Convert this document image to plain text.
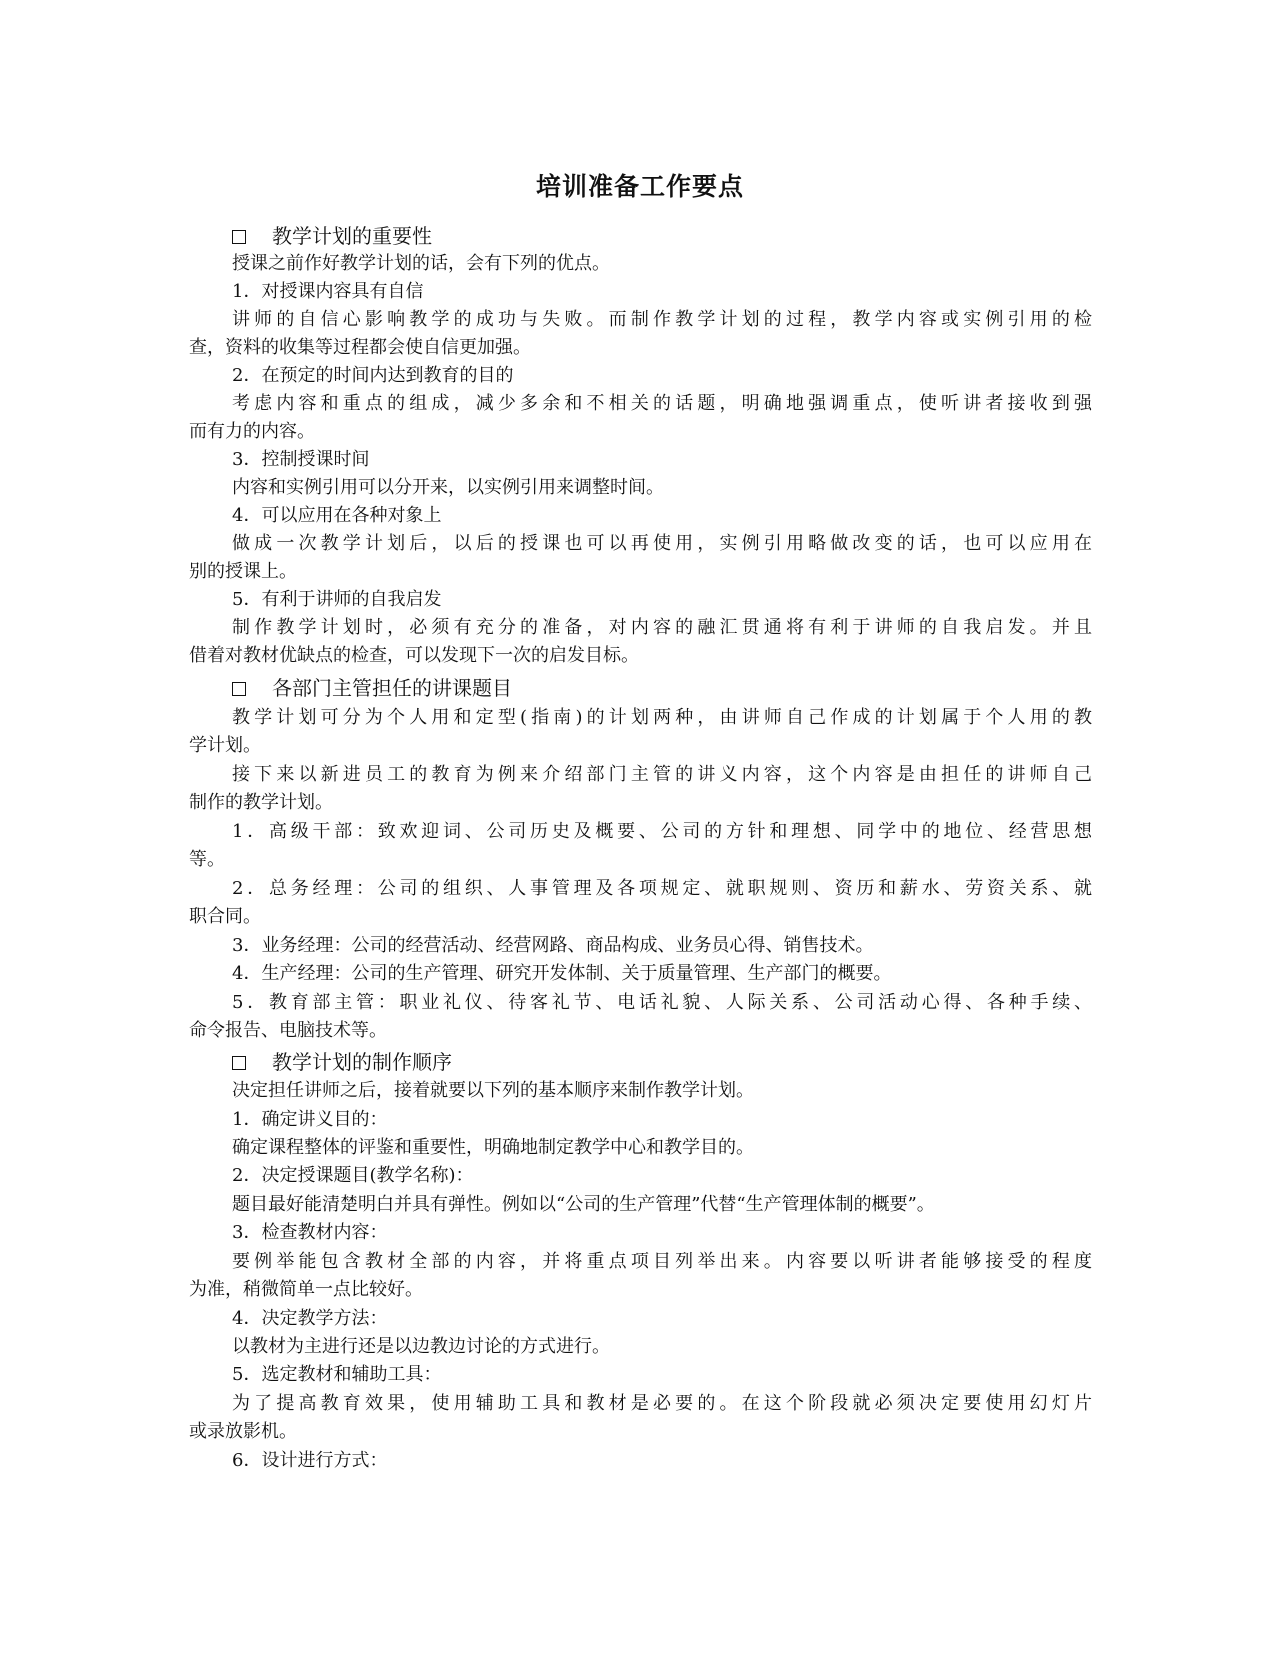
培训准备工作要点
教学计划的重要性

授课之前作好教学计划的话，会有下列的优点。

1．对授课内容具有自信

讲师的自信心影响教学的成功与失败。而制作教学计划的过程，教学内容或实例引用的检

查，资料的收集等过程都会使自信更加强。

2．在预定的时间内达到教育的目的

考虑内容和重点的组成，减少多余和不相关的话题，明确地强调重点，使听讲者接收到强

而有力的内容。

3．控制授课时间

内容和实例引用可以分开来，以实例引用来调整时间。

4．可以应用在各种对象上

做成一次教学计划后，以后的授课也可以再使用，实例引用略做改变的话，也可以应用在

别的授课上。

5．有利于讲师的自我启发

制作教学计划时，必须有充分的准备，对内容的融汇贯通将有利于讲师的自我启发。并且

借着对教材优缺点的检查，可以发现下一次的启发目标。

各部门主管担任的讲课题目

教学计划可分为个人用和定型(指南)的计划两种，由讲师自己作成的计划属于个人用的教

学计划。

接下来以新进员工的教育为例来介绍部门主管的讲义内容，这个内容是由担任的讲师自己

制作的教学计划。

1．高级干部：致欢迎词、公司历史及概要、公司的方针和理想、同学中的地位、经营思想

等。

2．总务经理：公司的组织、人事管理及各项规定、就职规则、资历和薪水、劳资关系、就

职合同。

3．业务经理：公司的经营活动、经营网路、商品构成、业务员心得、销售技术。

4．生产经理：公司的生产管理、研究开发体制、关于质量管理、生产部门的概要。

5．教育部主管：职业礼仪、待客礼节、电话礼貌、人际关系、公司活动心得、各种手续、

命令报告、电脑技术等。

教学计划的制作顺序

决定担任讲师之后，接着就要以下列的基本顺序来制作教学计划。

1．确定讲义目的：

确定课程整体的评鉴和重要性，明确地制定教学中心和教学目的。

2．决定授课题目(教学名称)：

题目最好能清楚明白并具有弹性。例如以“公司的生产管理”代替“生产管理体制的概要”。

3．检查教材内容：

要例举能包含教材全部的内容，并将重点项目列举出来。内容要以听讲者能够接受的程度

为准，稍微简单一点比较好。

4．决定教学方法：

以教材为主进行还是以边教边讨论的方式进行。

5．选定教材和辅助工具：

为了提高教育效果，使用辅助工具和教材是必要的。在这个阶段就必须决定要使用幻灯片

或录放影机。

6．设计进行方式：
